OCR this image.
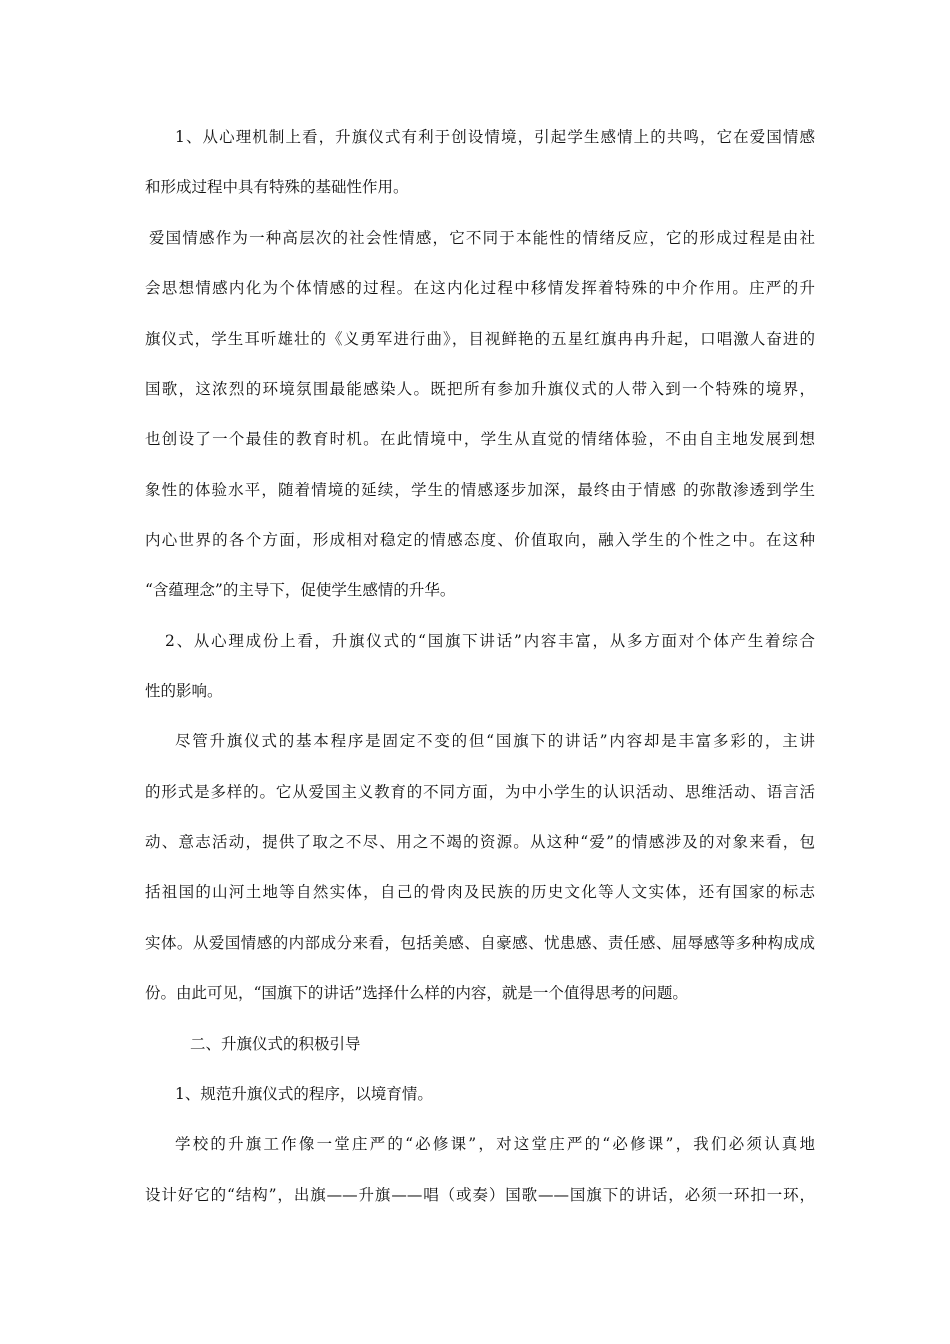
1、从心理机制上看，升旗仪式有利于创设情境，引起学生感情上的共鸣，它在爱国情感
和形成过程中具有特殊的基础性作用。
爱国情感作为一种高层次的社会性情感，它不同于本能性的情绪反应，它的形成过程是由社
会思想情感内化为个体情感的过程。在这内化过程中移情发挥着特殊的中介作用。庄严的升
旗仪式，学生耳听雄壮的《义勇军进行曲》，目视鲜艳的五星红旗冉冉升起，口唱激人奋进的
国歌，这浓烈的环境氛围最能感染人。既把所有参加升旗仪式的人带入到一个特殊的境界，
也创设了一个最佳的教育时机。在此情境中，学生从直觉的情绪体验，不由自主地发展到想
象性的体验水平，随着情境的延续，学生的情感逐步加深，最终由于情感 的弥散渗透到学生
内心世界的各个方面，形成相对稳定的情感态度、价值取向，融入学生的个性之中。在这种
“含蕴理念”的主导下，促使学生感情的升华。
2、从心理成份上看，升旗仪式的“国旗下讲话”内容丰富，从多方面对个体产生着综合
性的影响。
尽管升旗仪式的基本程序是固定不变的但“国旗下的讲话”内容却是丰富多彩的，主讲
的形式是多样的。它从爱国主义教育的不同方面，为中小学生的认识活动、思维活动、语言活
动、意志活动，提供了取之不尽、用之不竭的资源。从这种“爱”的情感涉及的对象来看，包
括祖国的山河土地等自然实体，自己的骨肉及民族的历史文化等人文实体，还有国家的标志
实体。从爱国情感的内部成分来看，包括美感、自豪感、忧患感、责任感、屈辱感等多种构成成
份。由此可见，“国旗下的讲话”选择什么样的内容，就是一个值得思考的问题。
二、升旗仪式的积极引导
1、规范升旗仪式的程序，以境育情。
学校的升旗工作像一堂庄严的“必修课”，对这堂庄严的“必修课”，我们必须认真地
设计好它的“结构”，出旗——升旗——唱（或奏）国歌——国旗下的讲话，必须一环扣一环，
